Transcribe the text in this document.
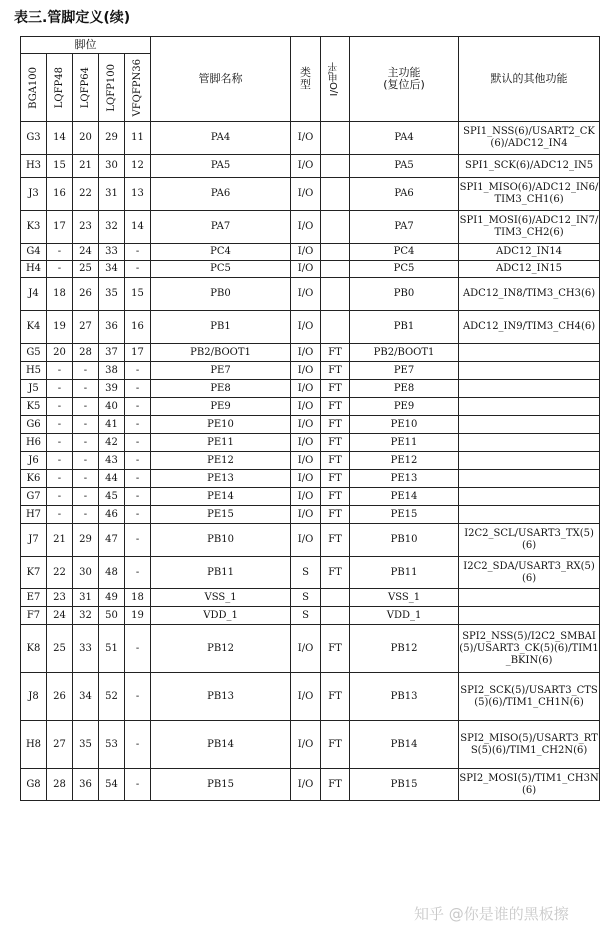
表三.管脚定义(续)
脚位					管脚名称	类
型	I/O电平	主功能
(复位后)	默认的其他功能

BGA100	LQFP48	LQFP64	LQFP100	VFQFPN36					

G3	14	20	29	11	PA4	I/O		PA4	SPI1_NSS(6)/USART2_CK(6)/ADC12_IN4
H3	15	21	30	12	PA5	I/O		PA5	SPI1_SCK(6)/ADC12_IN5
J3	16	22	31	13	PA6	I/O		PA6	SPI1_MISO(6)/ADC12_IN6/TIM3_CH1(6)
K3	17	23	32	14	PA7	I/O		PA7	SPI1_MOSI(6)/ADC12_IN7/TIM3_CH2(6)
G4	-	24	33	-	PC4	I/O		PC4	ADC12_IN14
H4	-	25	34	-	PC5	I/O		PC5	ADC12_IN15
J4	18	26	35	15	PB0	I/O		PB0	ADC12_IN8/TIM3_CH3(6)
K4	19	27	36	16	PB1	I/O		PB1	ADC12_IN9/TIM3_CH4(6)
G5	20	28	37	17	PB2/BOOT1	I/O	FT	PB2/BOOT1	
H5	-	-	38	-	PE7	I/O	FT	PE7	
J5	-	-	39	-	PE8	I/O	FT	PE8	
K5	-	-	40	-	PE9	I/O	FT	PE9	
G6	-	-	41	-	PE10	I/O	FT	PE10	
H6	-	-	42	-	PE11	I/O	FT	PE11	
J6	-	-	43	-	PE12	I/O	FT	PE12	
K6	-	-	44	-	PE13	I/O	FT	PE13	
G7	-	-	45	-	PE14	I/O	FT	PE14	
H7	-	-	46	-	PE15	I/O	FT	PE15	
J7	21	29	47	-	PB10	I/O	FT	PB10	I2C2_SCL/USART3_TX(5)(6)
K7	22	30	48	-	PB11	S	FT	PB11	I2C2_SDA/USART3_RX(5)(6)
E7	23	31	49	18	VSS_1	S		VSS_1	
F7	24	32	50	19	VDD_1	S		VDD_1	
K8	25	33	51	-	PB12	I/O	FT	PB12	SPI2_NSS(5)/I2C2_SMBAI(5)/USART3_CK(5)(6)/TIM1_BKIN(6)
J8	26	34	52	-	PB13	I/O	FT	PB13	SPI2_SCK(5)/USART3_CTS(5)(6)/TIM1_CH1N(6)
H8	27	35	53	-	PB14	I/O	FT	PB14	SPI2_MISO(5)/USART3_RTS(5)(6)/TIM1_CH2N(6)
G8	28	36	54	-	PB15	I/O	FT	PB15	SPI2_MOSI(5)/TIM1_CH3N(6)
知乎 @你是谁的黑板擦
